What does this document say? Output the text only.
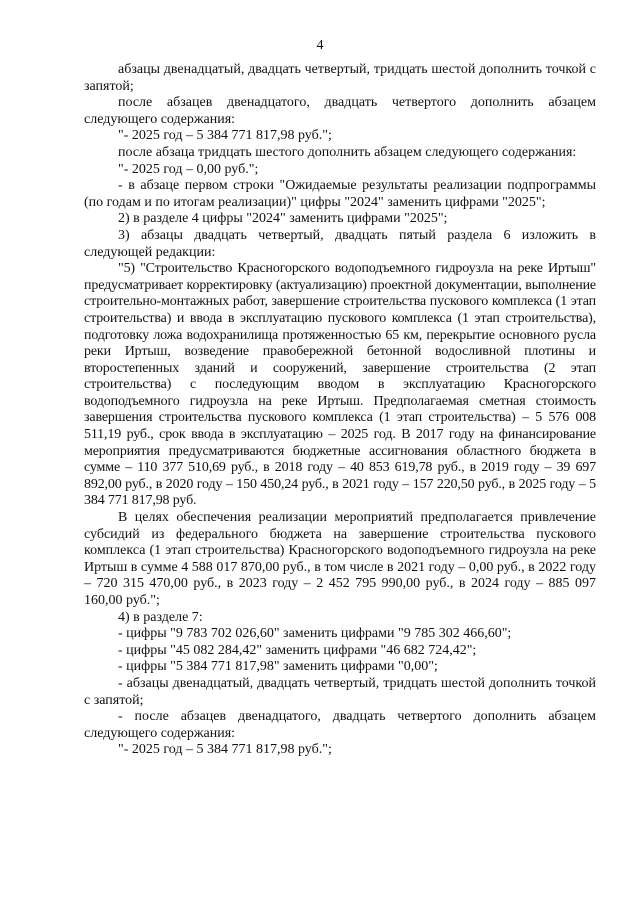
4

абзацы двенадцатый, двадцать четвертый, тридцать шестой дополнить точкой с запятой;

после абзацев двенадцатого, двадцать четвертого дополнить абзацем следующего содержания:

"- 2025 год – 5 384 771 817,98 руб.";

после абзаца тридцать шестого дополнить абзацем следующего содержания:

"- 2025 год – 0,00 руб.";

- в абзаце первом строки "Ожидаемые результаты реализации подпрограммы (по годам и по итогам реализации)" цифры "2024" заменить цифрами "2025";

2) в разделе 4 цифры "2024" заменить цифрами "2025";

3) абзацы двадцать четвертый, двадцать пятый раздела 6 изложить в следующей редакции:

"5) "Строительство Красногорского водоподъемного гидроузла на реке Иртыш" предусматривает корректировку (актуализацию) проектной документации, выполнение строительно-монтажных работ, завершение строительства пускового комплекса (1 этап строительства) и ввода в эксплуатацию пускового комплекса (1 этап строительства), подготовку ложа водохранилища протяженностью 65 км, перекрытие основного русла реки Иртыш, возведение правобережной бетонной водосливной плотины и второстепенных зданий и сооружений, завершение строительства (2 этап строительства) с последующим вводом в эксплуатацию Красногорского водоподъемного гидроузла на реке Иртыш. Предполагаемая сметная стоимость завершения строительства пускового комплекса (1 этап строительства) – 5 576 008 511,19 руб., срок ввода в эксплуатацию – 2025 год. В 2017 году на финансирование мероприятия предусматриваются бюджетные ассигнования областного бюджета в сумме – 110 377 510,69 руб., в 2018 году – 40 853 619,78 руб., в 2019 году – 39 697 892,00 руб., в 2020 году – 150 450,24 руб., в 2021 году – 157 220,50 руб., в 2025 году – 5 384 771 817,98 руб.

В целях обеспечения реализации мероприятий предполагается привлечение субсидий из федерального бюджета на завершение строительства пускового комплекса (1 этап строительства) Красногорского водоподъемного гидроузла на реке Иртыш в сумме 4 588 017 870,00 руб., в том числе в 2021 году – 0,00 руб., в 2022 году – 720 315 470,00 руб., в 2023 году – 2 452 795 990,00 руб., в 2024 году – 885 097 160,00 руб.";

4) в разделе 7:

- цифры "9 783 702 026,60" заменить цифрами "9 785 302 466,60";

- цифры "45 082 284,42" заменить цифрами "46 682 724,42";

- цифры "5 384 771 817,98" заменить цифрами "0,00";

- абзацы двенадцатый, двадцать четвертый, тридцать шестой дополнить точкой с запятой;

- после абзацев двенадцатого, двадцать четвертого дополнить абзацем следующего содержания:

"- 2025 год – 5 384 771 817,98 руб.";
